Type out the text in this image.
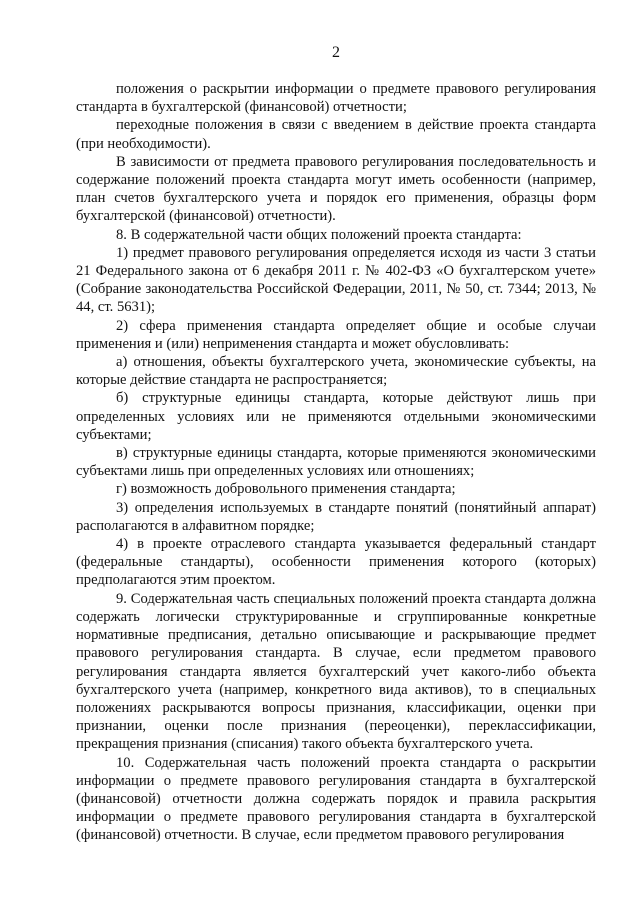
2

положения о раскрытии информации о предмете правового регулирования стандарта в бухгалтерской (финансовой) отчетности;

переходные положения в связи с введением в действие проекта стандарта (при необходимости).

В зависимости от предмета правового регулирования последовательность и содержание положений проекта стандарта могут иметь особенности (например, план счетов бухгалтерского учета и порядок его применения, образцы форм бухгалтерской (финансовой) отчетности).

8. В содержательной части общих положений проекта стандарта:

1) предмет правового регулирования определяется исходя из части 3 статьи 21 Федерального закона от 6 декабря 2011 г. № 402-ФЗ «О бухгалтерском учете» (Собрание законодательства Российской Федерации, 2011, № 50, ст. 7344; 2013, № 44, ст. 5631);

2) сфера применения стандарта определяет общие и особые случаи применения и (или) неприменения стандарта и может обусловливать:

а) отношения, объекты бухгалтерского учета, экономические субъекты, на которые действие стандарта не распространяется;

б) структурные единицы стандарта, которые действуют лишь при определенных условиях или не применяются отдельными экономическими субъектами;

в) структурные единицы стандарта, которые применяются экономическими субъектами лишь при определенных условиях или отношениях;

г) возможность добровольного применения стандарта;

3) определения используемых в стандарте понятий (понятийный аппарат) располагаются в алфавитном порядке;

4) в проекте отраслевого стандарта указывается федеральный стандарт (федеральные стандарты), особенности применения которого (которых) предполагаются этим проектом.

9. Содержательная часть специальных положений проекта стандарта должна содержать логически структурированные и сгруппированные конкретные нормативные предписания, детально описывающие и раскрывающие предмет правового регулирования стандарта. В случае, если предметом правового регулирования стандарта является бухгалтерский учет какого-либо объекта бухгалтерского учета (например, конкретного вида активов), то в специальных положениях раскрываются вопросы признания, классификации, оценки при признании, оценки после признания (переоценки), переклассификации, прекращения признания (списания) такого объекта бухгалтерского учета.

10. Содержательная часть положений проекта стандарта о раскрытии информации о предмете правового регулирования стандарта в бухгалтерской (финансовой) отчетности должна содержать порядок и правила раскрытия информации о предмете правового регулирования стандарта в бухгалтерской (финансовой) отчетности. В случае, если предметом правового регулирования
